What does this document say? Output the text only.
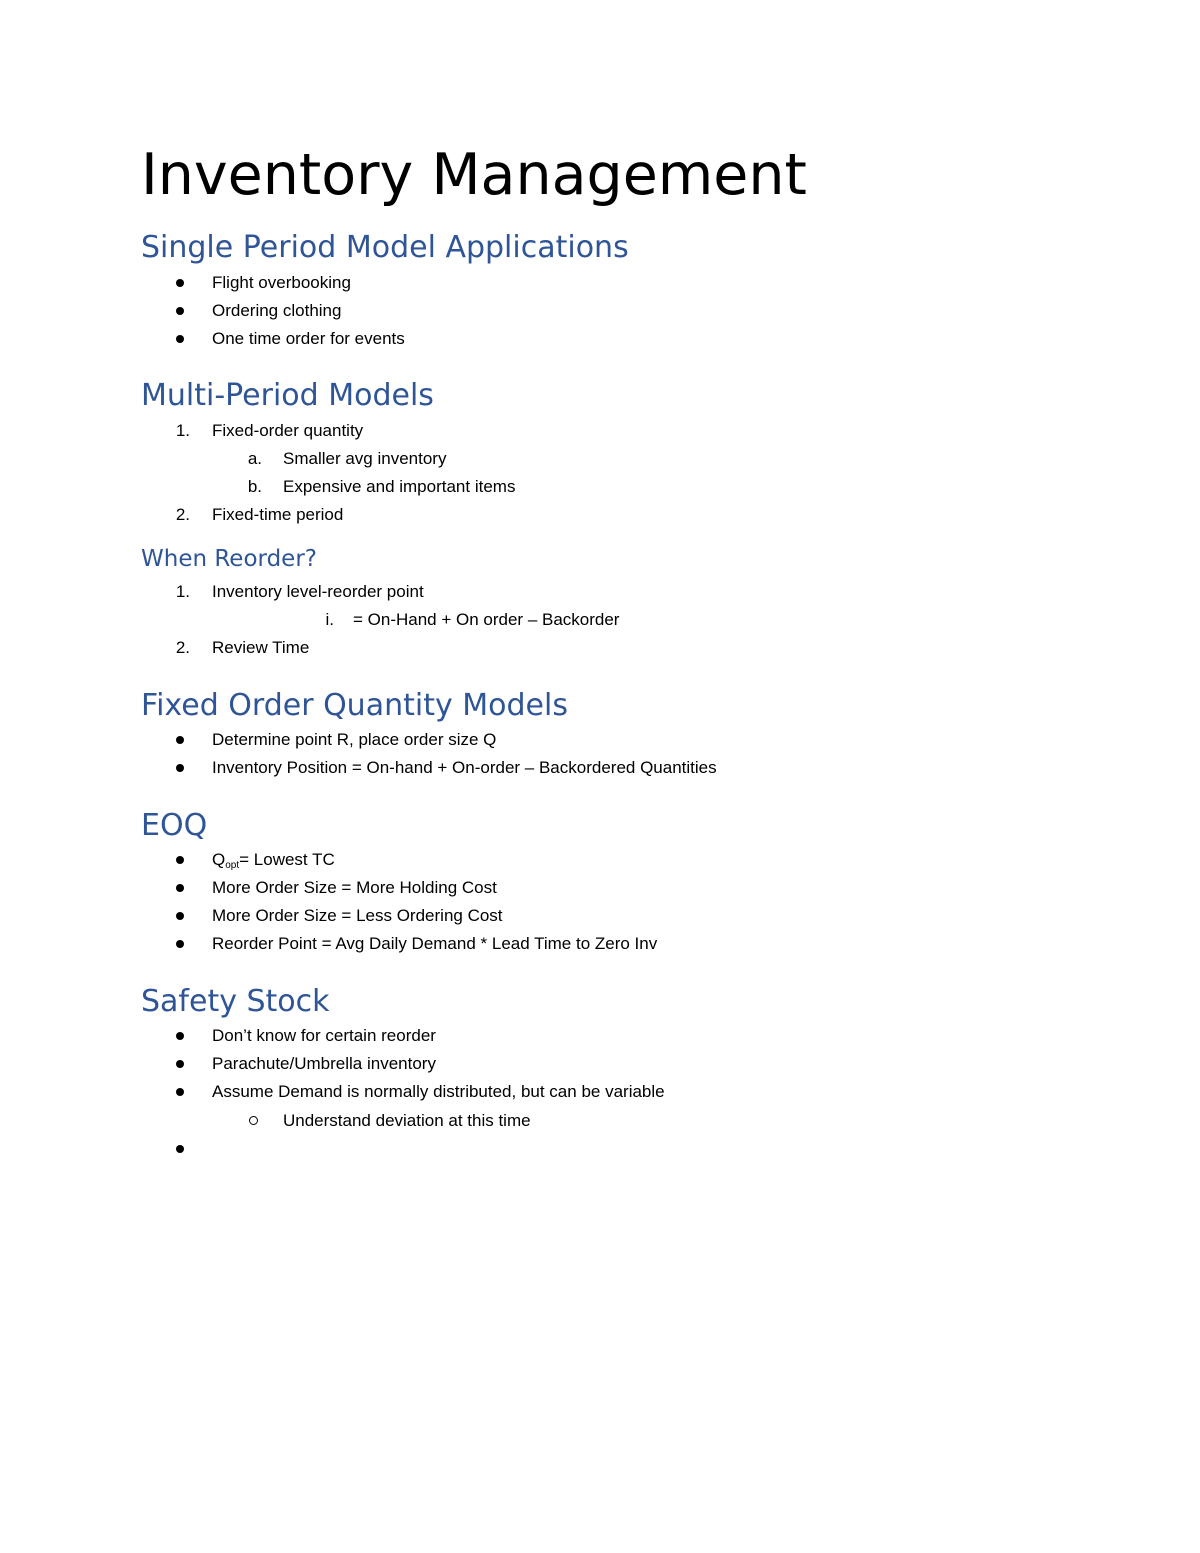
Inventory Management
Single Period Model Applications
Flight overbooking
Ordering clothing
One time order for events
Multi-Period Models
1. Fixed-order quantity
a. Smaller avg inventory
b. Expensive and important items
2. Fixed-time period
When Reorder?
1. Inventory level-reorder point
i. = On-Hand + On order – Backorder
2. Review Time
Fixed Order Quantity Models
Determine point R, place order size Q
Inventory Position = On-hand + On-order – Backordered Quantities
EOQ
$Q_{opt}=$ Lowest TC
More Order Size = More Holding Cost
More Order Size = Less Ordering Cost
Reorder Point = Avg Daily Demand * Lead Time to Zero Inv
Safety Stock
Don’t know for certain reorder
Parachute/Umbrella inventory
Assume Demand is normally distributed, but can be variable
Understand deviation at this time
